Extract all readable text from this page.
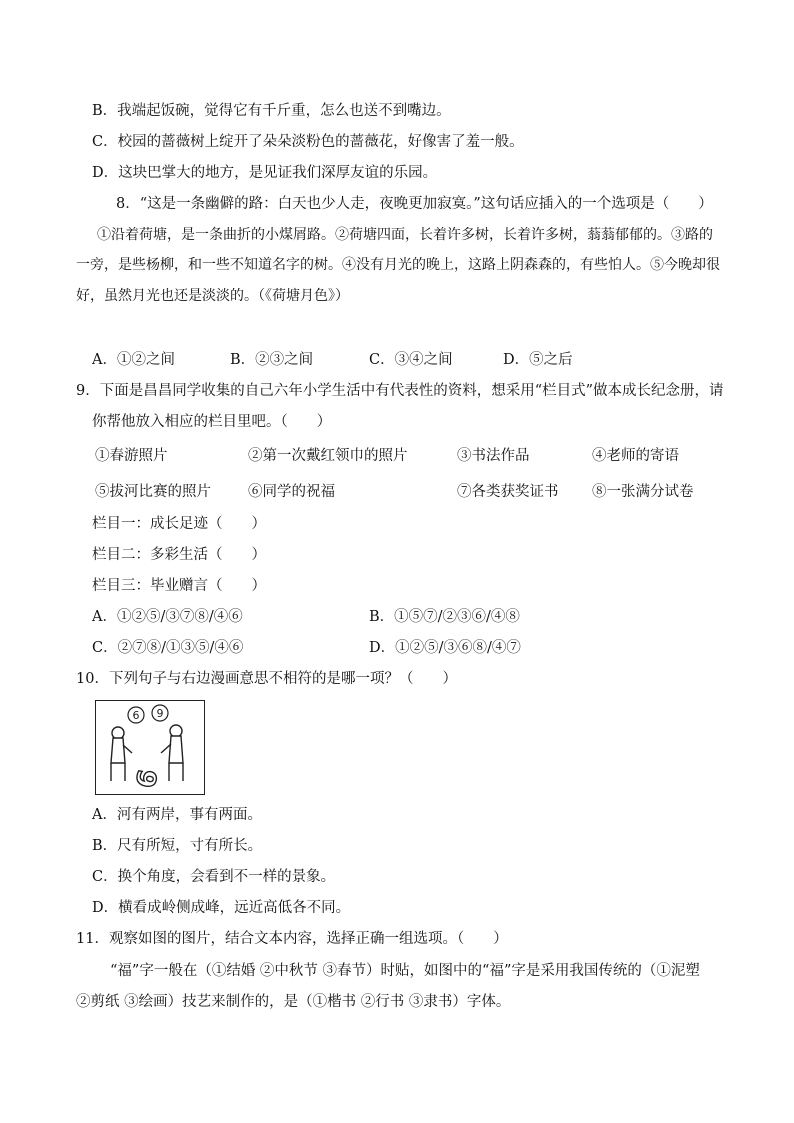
B．我端起饭碗，觉得它有千斤重，怎么也送不到嘴边。
C．校园的蔷薇树上绽开了朵朵淡粉色的蔷薇花，好像害了羞一般。
D．这块巴掌大的地方，是见证我们深厚友谊的乐园。
8．“这是一条幽僻的路：白天也少人走，夜晚更加寂寞。”这句话应插入的一个选项是（　　）
①沿着荷塘，是一条曲折的小煤屑路。②荷塘四面，长着许多树，长着许多树，蓊蓊郁郁的。③路的
一旁，是些杨柳，和一些不知道名字的树。④没有月光的晚上，这路上阴森森的，有些怕人。⑤今晚却很
好，虽然月光也还是淡淡的。（《荷塘月色》）
A．①②之间	B．②③之间	C．③④之间	D．⑤之后
9．下面是昌昌同学收集的自己六年小学生活中有代表性的资料，想采用“栏目式”做本成长纪念册，请
你帮他放入相应的栏目里吧。（　　）
①春游照片	②第一次戴红领巾的照片	③书法作品	④老师的寄语
⑤拔河比赛的照片	⑥同学的祝福	⑦各类获奖证书 ⑧一张满分试卷
栏目一：成长足迹（　　）
栏目二：多彩生活（　　）
栏目三：毕业赠言（　　）
A．①②⑤/③⑦⑧/④⑥	B．①⑤⑦/②③⑥/④⑧
C．②⑦⑧/①③⑤/④⑥	D．①②⑤/③⑥⑧/④⑦
10．下列句子与右边漫画意思不相符的是哪一项？（　　）
6 9
6
A．河有两岸，事有两面。
B．尺有所短，寸有所长。
C．换个角度，会看到不一样的景象。
D．横看成岭侧成峰，远近高低各不同。
11．观察如图的图片，结合文本内容，选择正确一组选项。（　　）
“福”字一般在（①结婚 ②中秋节 ③春节）时贴，如图中的“福”字是采用我国传统的（①泥塑
②剪纸 ③绘画）技艺来制作的，是（①楷书 ②行书 ③隶书）字体。
